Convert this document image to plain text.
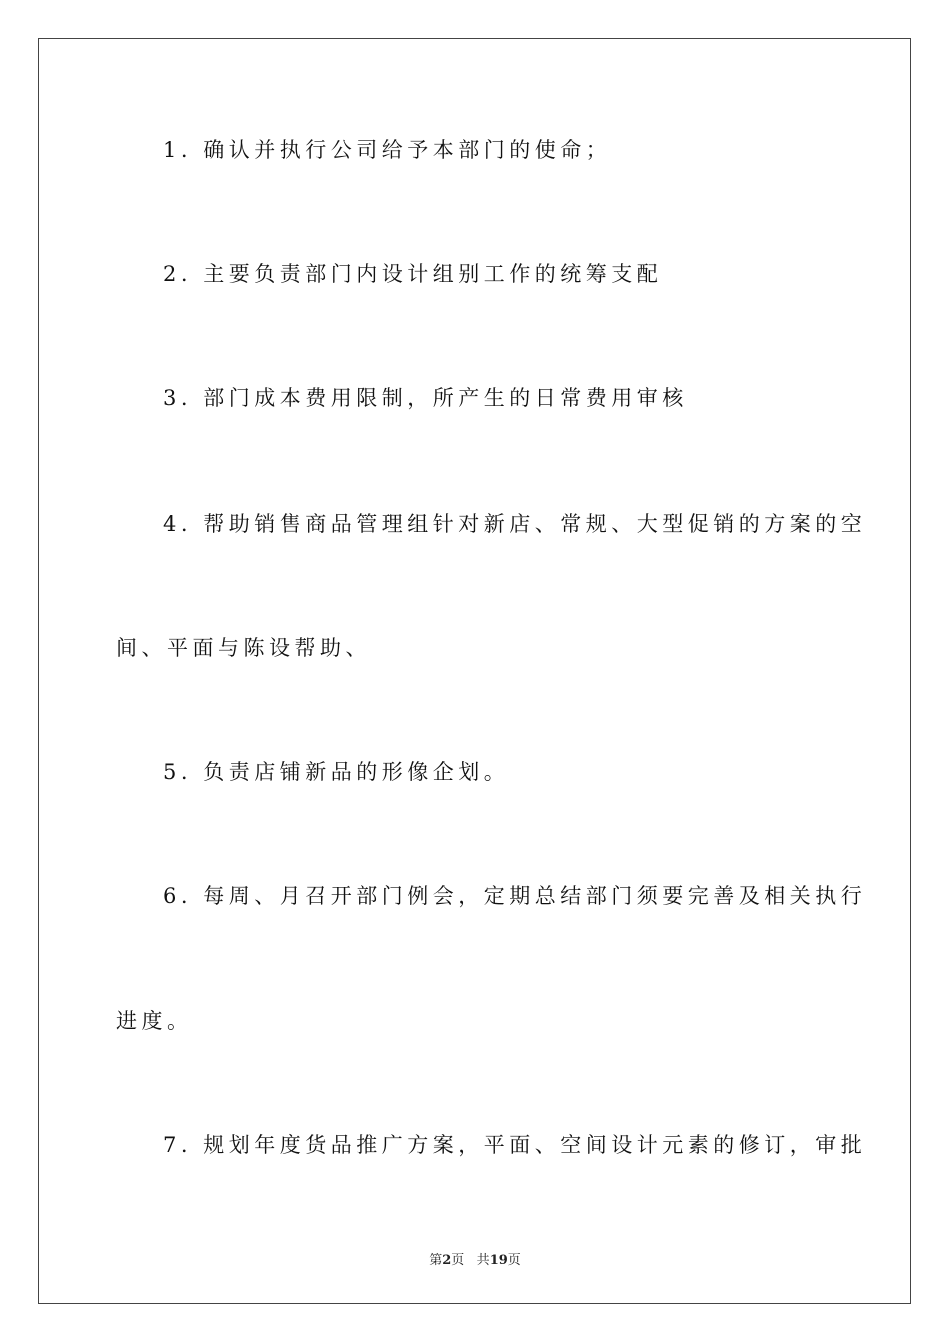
1. 确认并执行公司给予本部门的使命；
2. 主要负责部门内设计组别工作的统筹支配
3. 部门成本费用限制，所产生的日常费用审核
4. 帮助销售商品管理组针对新店、常规、大型促销的方案的空
间、平面与陈设帮助、
5. 负责店铺新品的形像企划。
6. 每周、月召开部门例会，定期总结部门须要完善及相关执行
进度。
7. 规划年度货品推广方案，平面、空间设计元素的修订，审批
第2页 共19页
